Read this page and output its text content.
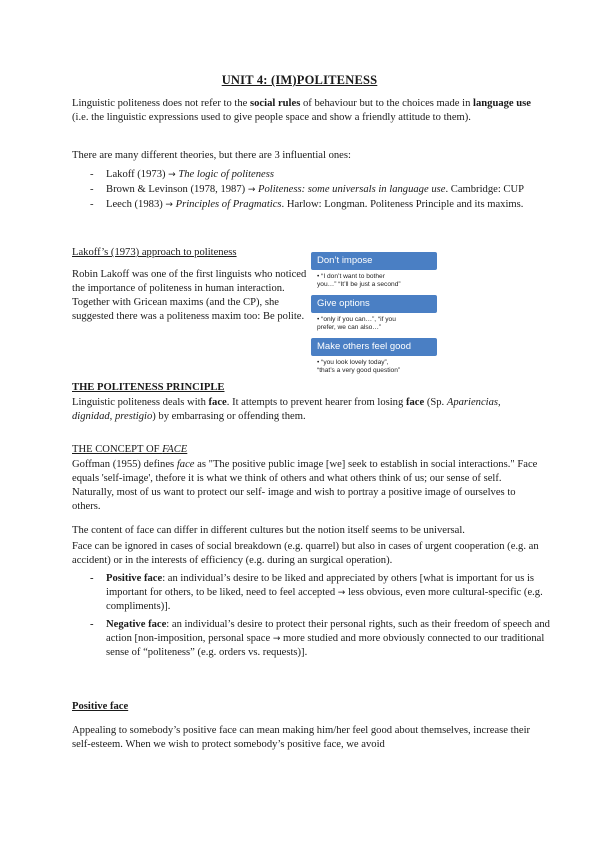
UNIT 4: (IM)POLITENESS

Linguistic politeness does not refer to the social rules of behaviour but to the choices made in language use (i.e. the linguistic expressions used to give people space and show a friendly attitude to them).

There are many different theories, but there are 3 influential ones:
- Lakoff (1973) → The logic of politeness
- Brown & Levinson (1978, 1987) → Politeness: some universals in language use. Cambridge: CUP
- Leech (1983) → Principles of Pragmatics. Harlow: Longman. Politeness Principle and its maxims.
Lakoff’s (1973) approach to politeness
Robin Lakoff was one of the first linguists who noticed the importance of politeness in human interaction. Together with Gricean maxims (and the CP), she suggested there was a politeness maxim too: Be polite.
Don’t impose
• “I don’t want to bother
you…” “It’ll be just a second”
Give options
• “only if you can…”, “if you
prefer, we can also…”
Make others feel good
• “you look lovely today”,
“that’s a very good question”
THE POLITENESS PRINCIPLE

Linguistic politeness deals with face. It attempts to prevent hearer from losing face (Sp. Apariencias, dignidad, prestigio) by embarrasing or offending them.

THE CONCEPT OF FACE

Goffman (1955) defines face as "The positive public image [we] seek to establish in social interactions." Face equals 'self-image', thefore it is what we think of others and what others think of us; our sense of self. Naturally, most of us want to protect our self- image and wish to portray a positive image of ourselves to others.

The content of face can differ in different cultures but the notion itself seems to be universal.
Face can be ignored in cases of social breakdown (e.g. quarrel) but also in cases of urgent cooperation (e.g. an accident) or in the interests of efficiency (e.g. during an surgical operation).
- Positive face: an individual’s desire to be liked and appreciated by others [what is important for us is important for others, to be liked, need to feel accepted → less obvious, even more cultural-specific (e.g. compliments)].
- Negative face: an individual’s desire to protect their personal rights, such as their freedom of speech and action [non-imposition, personal space → more studied and more obviously connected to our traditional sense of “politeness” (e.g. orders vs. requests)].
Positive face
Appealing to somebody’s positive face can mean making him/her feel good about themselves, increase their self-esteem. When we wish to protect somebody’s positive face, we avoid
